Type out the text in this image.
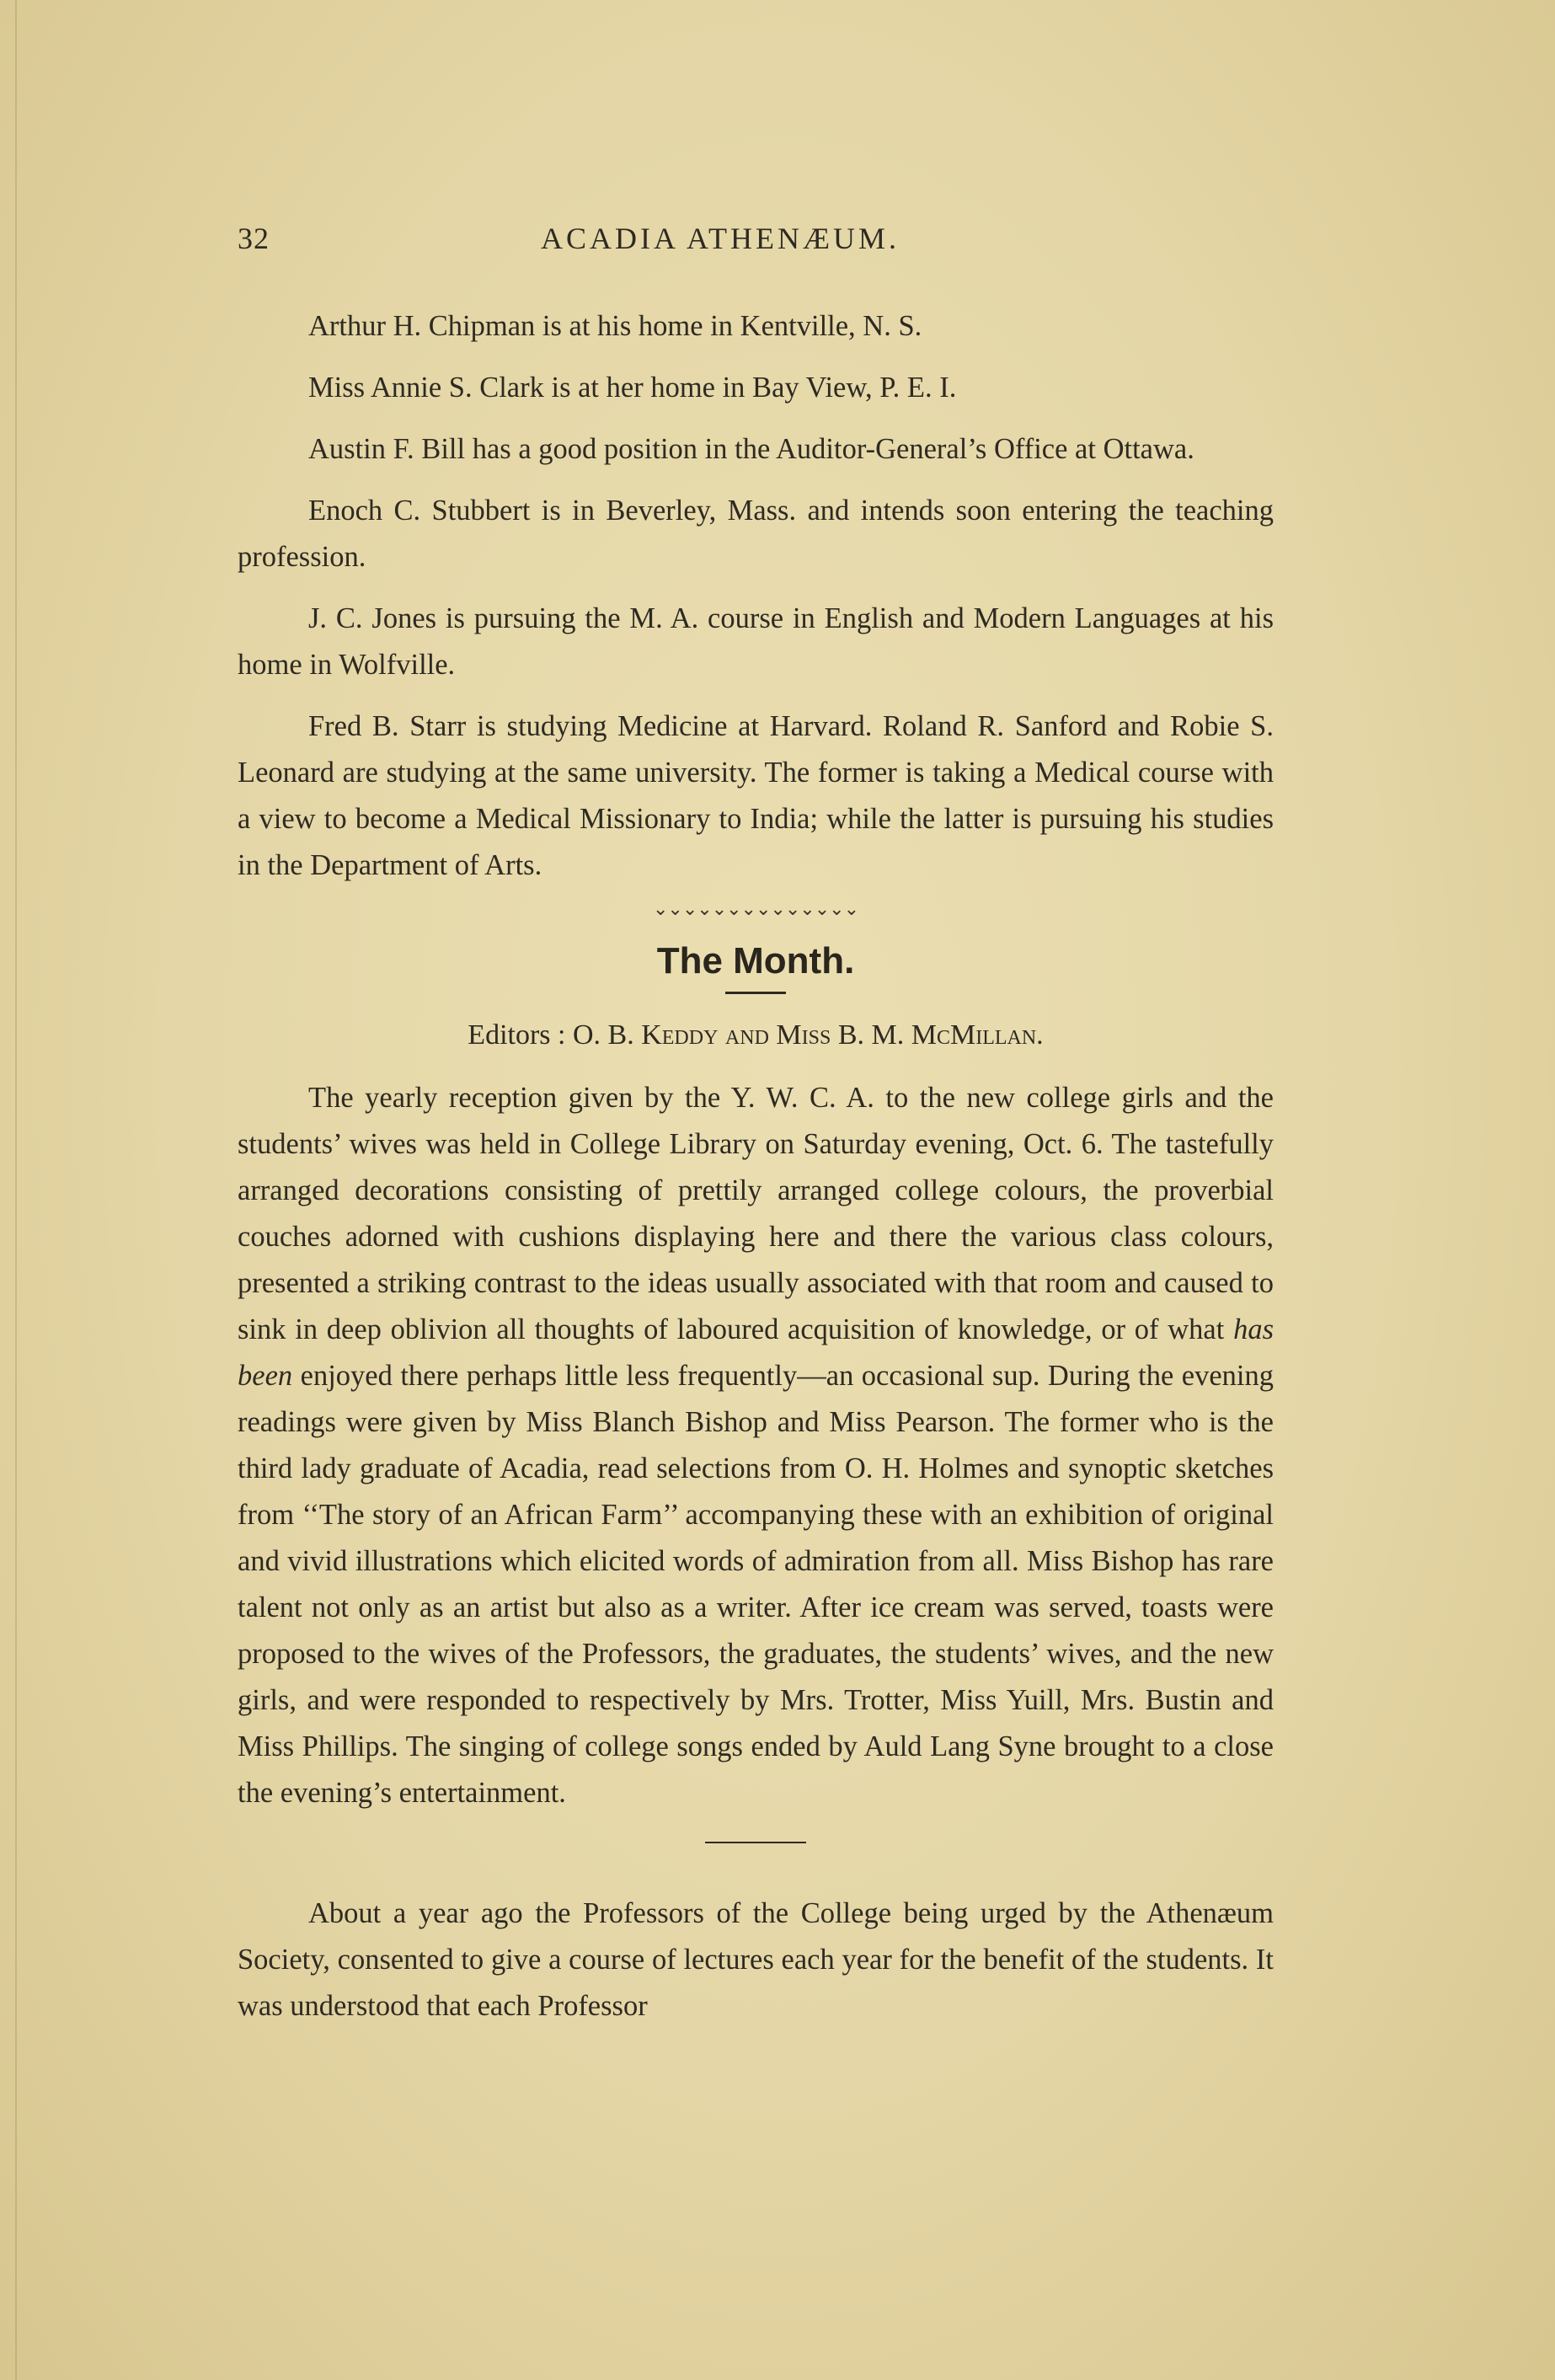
32	ACADIA ATHENÆUM.

Arthur H. Chipman is at his home in Kentville, N. S.

Miss Annie S. Clark is at her home in Bay View, P. E. I.

Austin F. Bill has a good position in the Auditor-General’s Office at Ottawa.

Enoch C. Stubbert is in Beverley, Mass. and intends soon entering the teaching profession.

J. C. Jones is pursuing the M. A. course in English and Modern Languages at his home in Wolfville.

Fred B. Starr is studying Medicine at Harvard. Roland R. Sanford and Robie S. Leonard are studying at the same university. The former is taking a Medical course with a view to become a Medical Missionary to India; while the latter is pursuing his studies in the Department of Arts.

⌄⌄⌄⌄⌄⌄⌄⌄⌄⌄⌄⌄⌄⌄
The Month.

Editors : O. B. Keddy and Miss B. M. McMillan.

The yearly reception given by the Y. W. C. A. to the new college girls and the students’ wives was held in College Library on Saturday evening, Oct. 6. The tastefully arranged decorations consisting of prettily arranged college colours, the proverbial couches adorned with cushions displaying here and there the various class colours, presented a striking contrast to the ideas usually associated with that room and caused to sink in deep oblivion all thoughts of laboured acquisition of knowledge, or of what has been enjoyed there perhaps little less frequently—an occasional sup. During the evening readings were given by Miss Blanch Bishop and Miss Pearson. The former who is the third lady graduate of Acadia, read selections from O. H. Holmes and synoptic sketches from ‘‘The story of an African Farm’’ accompanying these with an exhibition of original and vivid illustrations which elicited words of admiration from all. Miss Bishop has rare talent not only as an artist but also as a writer. After ice cream was served, toasts were proposed to the wives of the Professors, the graduates, the students’ wives, and the new girls, and were responded to respectively by Mrs. Trotter, Miss Yuill, Mrs. Bustin and Miss Phillips. The singing of college songs ended by Auld Lang Syne brought to a close the evening’s entertainment.

About a year ago the Professors of the College being urged by the Athenæum Society, consented to give a course of lectures each year for the benefit of the students. It was understood that each Professor
